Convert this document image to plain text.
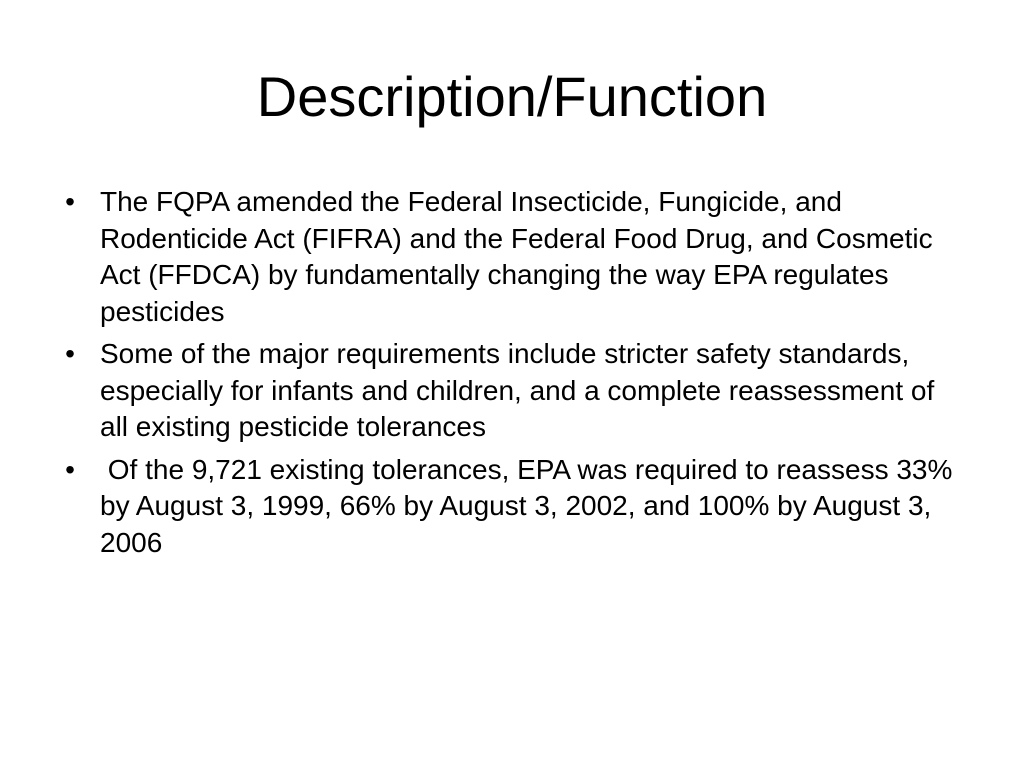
Description/Function
• The FQPA amended the Federal Insecticide, Fungicide, and Rodenticide Act (FIFRA) and the Federal Food Drug, and Cosmetic Act (FFDCA) by fundamentally changing the way EPA regulates pesticides
• Some of the major requirements include stricter safety standards, especially for infants and children, and a complete reassessment of all existing pesticide tolerances
• Of the 9,721 existing tolerances, EPA was required to reassess 33% by August 3, 1999, 66% by August 3, 2002, and 100% by August 3, 2006
